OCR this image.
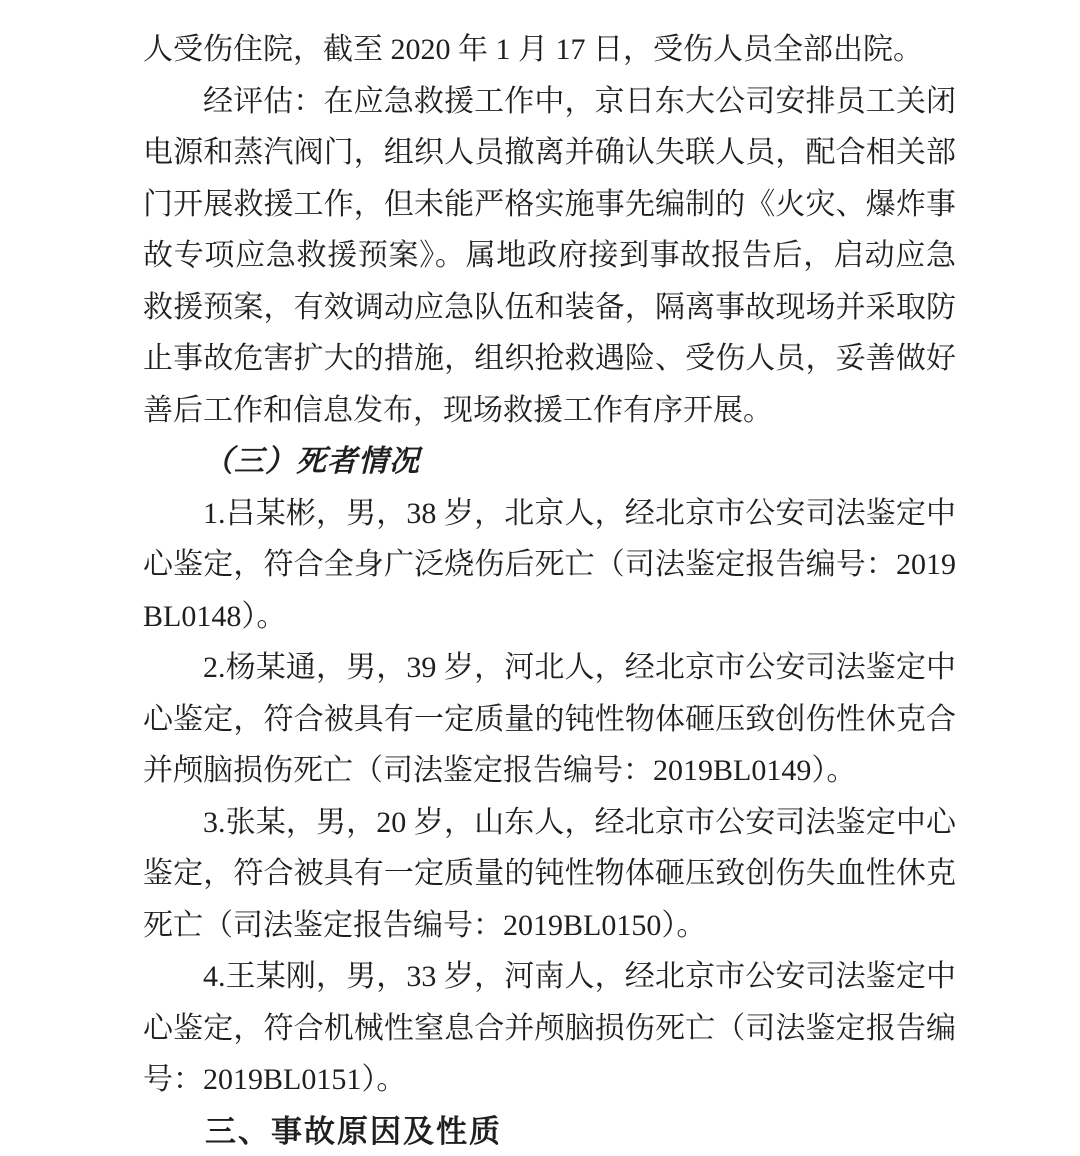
人受伤住院，截至 2020 年 1 月 17 日，受伤人员全部出院。

经评估：在应急救援工作中，京日东大公司安排员工关闭电源和蒸汽阀门，组织人员撤离并确认失联人员，配合相关部门开展救援工作，但未能严格实施事先编制的《火灾、爆炸事故专项应急救援预案》。属地政府接到事故报告后，启动应急救援预案，有效调动应急队伍和装备，隔离事故现场并采取防止事故危害扩大的措施，组织抢救遇险、受伤人员，妥善做好善后工作和信息发布，现场救援工作有序开展。

（三）死者情况

1.吕某彬，男，38 岁，北京人，经北京市公安司法鉴定中心鉴定，符合全身广泛烧伤后死亡（司法鉴定报告编号：2019BL0148）。

2.杨某通，男，39 岁，河北人，经北京市公安司法鉴定中心鉴定，符合被具有一定质量的钝性物体砸压致创伤性休克合并颅脑损伤死亡（司法鉴定报告编号：2019BL0149）。

3.张某，男，20 岁，山东人，经北京市公安司法鉴定中心鉴定，符合被具有一定质量的钝性物体砸压致创伤失血性休克死亡（司法鉴定报告编号：2019BL0150）。

4.王某刚，男，33 岁，河南人，经北京市公安司法鉴定中心鉴定，符合机械性窒息合并颅脑损伤死亡（司法鉴定报告编号：2019BL0151）。

三、事故原因及性质
